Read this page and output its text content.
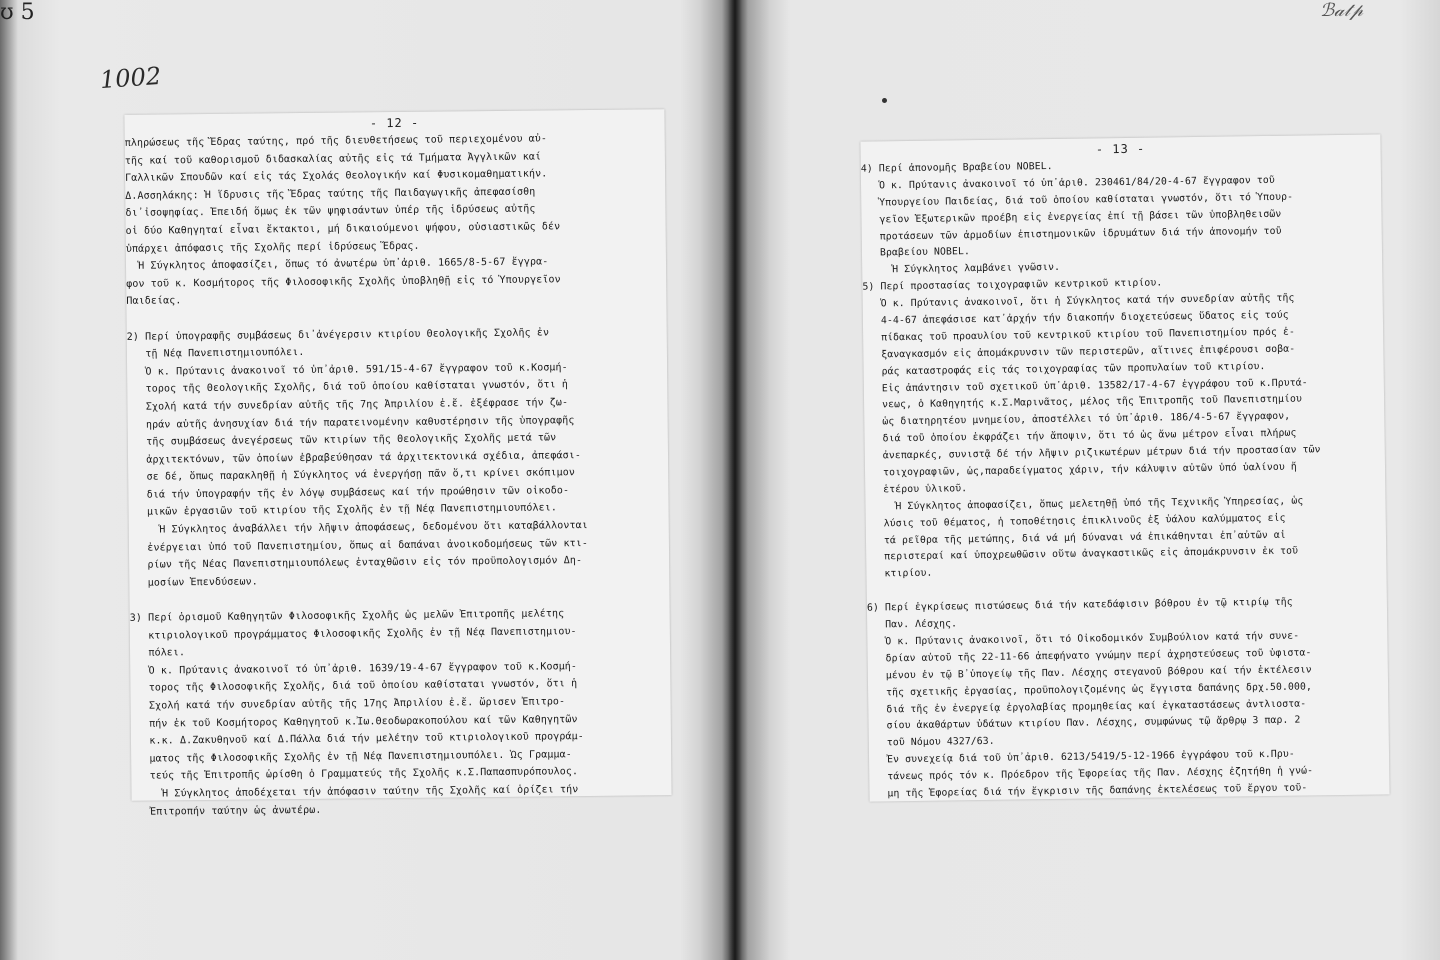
ʊ 5	ℬ𝒶𝓉𝓅
1002
- 12 -
πληρώσεως τῆς Ἕδρας ταύτης, πρό τῆς διευθετήσεως τοῦ περιεχομένου αὐ-
τῆς καί τοῦ καθορισμοῦ διδασκαλίας αὐτῆς εἰς τά Τμήματα Ἀγγλικῶν καί
Γαλλικῶν Σπουδῶν καί εἰς τάς Σχολάς Θεολογικήν καί Φυσικομαθηματικήν.
Δ.Ασσηλάκης: Ἡ ἵδρυσις τῆς Ἕδρας ταύτης τῆς Παιδαγωγικῆς ἀπεφασίσθη
δι᾽ἰσοψηφίας. Ἐπειδή ὅμως ἐκ τῶν ψηφισάντων ὑπέρ τῆς ἱδρύσεως αὐτῆς
οἱ δύο Καθηγηταί εἶναι ἔκτακτοι, μή δικαιούμενοι ψήφου, οὐσιαστικῶς δέν
ὑπάρχει ἀπόφασις τῆς Σχολῆς περί ἱδρύσεως Ἕδρας.
Ἡ Σύγκλητος ἀποφασίζει, ὅπως τό ἀνωτέρω ὑπ᾽ἀριθ. 1665/8-5-67 ἔγγρα-
φον τοῦ κ. Κοσμήτορος τῆς Φιλοσοφικῆς Σχολῆς ὑποβληθῇ εἰς τό Ὑπουργεῖον
Παιδείας.
2) Περί ὑπογραφῆς συμβάσεως δι᾽ἀνέγερσιν κτιρίου Θεολογικῆς Σχολῆς ἐν
τῇ Νέᾳ Πανεπιστημιουπόλει.
Ὁ κ. Πρύτανις ἀνακοινοῖ τό ὑπ᾽ἀριθ. 591/15-4-67 ἔγγραφον τοῦ κ.Κοσμή-
τορος τῆς Θεολογικῆς Σχολῆς, διά τοῦ ὁποίου καθίσταται γνωστόν, ὅτι ἡ
Σχολή κατά τήν συνεδρίαν αὐτῆς τῆς 7ης Ἀπριλίου ἐ.ἔ. ἐξέφρασε τήν ζω-
ηράν αὐτῆς ἀνησυχίαν διά τήν παρατεινομένην καθυστέρησιν τῆς ὑπογραφῆς
τῆς συμβάσεως ἀνεγέρσεως τῶν κτιρίων τῆς Θεολογικῆς Σχολῆς μετά τῶν
ἀρχιτεκτόνων, τῶν ὁποίων ἐβραβεύθησαν τά ἀρχιτεκτονικά σχέδια, ἀπεφάσι-
σε δέ, ὅπως παρακληθῇ ἡ Σύγκλητος νά ἐνεργήσῃ πᾶν ὅ,τι κρίνει σκόπιμον
διά τήν ὑπογραφήν τῆς ἐν λόγῳ συμβάσεως καί τήν προώθησιν τῶν οἰκοδο-
μικῶν ἐργασιῶν τοῦ κτιρίου τῆς Σχολῆς ἐν τῇ Νέᾳ Πανεπιστημιουπόλει.
Ἡ Σύγκλητος ἀναβάλλει τήν λῆψιν ἀποφάσεως, δεδομένου ὅτι καταβάλλονται
ἐνέργειαι ὑπό τοῦ Πανεπιστημίου, ὅπως αἱ δαπάναι ἀνοικοδομήσεως τῶν κτι-
ρίων τῆς Νέας Πανεπιστημιουπόλεως ἐνταχθῶσιν εἰς τόν προϋπολογισμόν Δη-
μοσίων Ἐπενδύσεων.
3) Περί ὁρισμοῦ Καθηγητῶν Φιλοσοφικῆς Σχολῆς ὡς μελῶν Ἐπιτροπῆς μελέτης
κτιριολογικοῦ προγράμματος Φιλοσοφικῆς Σχολῆς ἐν τῇ Νέᾳ Πανεπιστημιου-
πόλει.
Ὁ κ. Πρύτανις ἀνακοινοῖ τό ὑπ᾽ἀριθ. 1639/19-4-67 ἔγγραφον τοῦ κ.Κοσμή-
τορος τῆς Φιλοσοφικῆς Σχολῆς, διά τοῦ ὁποίου καθίσταται γνωστόν, ὅτι ἡ
Σχολή κατά τήν συνεδρίαν αὐτῆς τῆς 17ης Ἀπριλίου ἐ.ἔ. ὥρισεν Ἐπιτρο-
πήν ἐκ τοῦ Κοσμήτορος Καθηγητοῦ κ.Ἰω.Θεοδωρακοπούλου καί τῶν Καθηγητῶν
κ.κ. Δ.Ζακυθηνοῦ καί Δ.Πάλλα διά τήν μελέτην τοῦ κτιριολογικοῦ προγράμ-
ματος τῆς Φιλοσοφικῆς Σχολῆς ἐν τῇ Νέᾳ Πανεπιστημιουπόλει. Ὡς Γραμμα-
τεύς τῆς Ἐπιτροπῆς ὡρίσθη ὁ Γραμματεύς τῆς Σχολῆς κ.Σ.Παπασπυρόπουλος.
Ἡ Σύγκλητος ἀποδέχεται τήν ἀπόφασιν ταύτην τῆς Σχολῆς καί ὁρίζει τήν
Ἐπιτροπήν ταύτην ὡς ἀνωτέρω.
- 13 -
4) Περί ἀπονομῆς Βραβείου NOBEL.
Ὁ κ. Πρύτανις ἀνακοινοῖ τό ὑπ᾽ἀριθ. 230461/84/20-4-67 ἔγγραφον τοῦ
Ὑπουργείου Παιδείας, διά τοῦ ὁποίου καθίσταται γνωστόν, ὅτι τό Ὑπουρ-
γεῖον Ἐξωτερικῶν προέβη εἰς ἐνεργείας ἐπί τῇ βάσει τῶν ὑποβληθεισῶν
προτάσεων τῶν ἁρμοδίων ἐπιστημονικῶν ἱδρυμάτων διά τήν ἀπονομήν τοῦ
Βραβείου NOBEL.
Ἡ Σύγκλητος λαμβάνει γνῶσιν.
5) Περί προστασίας τοιχογραφιῶν κεντρικοῦ κτιρίου.
Ὁ κ. Πρύτανις ἀνακοινοῖ, ὅτι ἡ Σύγκλητος κατά τήν συνεδρίαν αὐτῆς τῆς
4-4-67 ἀπεφάσισε κατ᾽ἀρχήν τήν διακοπήν διοχετεύσεως ὕδατος εἰς τούς
πίδακας τοῦ προαυλίου τοῦ κεντρικοῦ κτιρίου τοῦ Πανεπιστημίου πρός ἐ-
ξαναγκασμόν εἰς ἀπομάκρυνσιν τῶν περιστερῶν, αἵτινες ἐπιφέρουσι σοβα-
ράς καταστροφάς εἰς τάς τοιχογραφίας τῶν προπυλαίων τοῦ κτιρίου.
Εἰς ἀπάντησιν τοῦ σχετικοῦ ὑπ᾽ἀριθ. 13582/17-4-67 ἐγγράφου τοῦ κ.Πρυτά-
νεως, ὁ Καθηγητής κ.Σ.Μαρινᾶτος, μέλος τῆς Ἐπιτροπῆς τοῦ Πανεπιστημίου
ὡς διατηρητέου μνημείου, ἀποστέλλει τό ὑπ᾽ἀριθ. 186/4-5-67 ἔγγραφον,
διά τοῦ ὁποίου ἐκφράζει τήν ἄποψιν, ὅτι τό ὡς ἄνω μέτρον εἶναι πλήρως
ἀνεπαρκές, συνιστᾷ δέ τήν λῆψιν ριζικωτέρων μέτρων διά τήν προστασίαν τῶν
τοιχογραφιῶν, ὡς,παραδείγματος χάριν, τήν κάλυψιν αὐτῶν ὑπό ὑαλίνου ἤ
ἑτέρου ὑλικοῦ.
Ἡ Σύγκλητος ἀποφασίζει, ὅπως μελετηθῇ ὑπό τῆς Τεχνικῆς Ὑπηρεσίας, ὡς
λύσις τοῦ θέματος, ἡ τοποθέτησις ἐπικλινοῦς ἐξ ὑάλου καλύμματος εἰς
τά ρεῖθρα τῆς μετώπης, διά νά μή δύναναι νά ἐπικάθηνται ἐπ᾽αὐτῶν αἱ
περιστεραί καί ὑποχρεωθῶσιν οὕτω ἀναγκαστικῶς εἰς ἀπομάκρυνσιν ἐκ τοῦ
κτιρίου.
6) Περί ἐγκρίσεως πιστώσεως διά τήν κατεδάφισιν βόθρου ἐν τῷ κτιρίῳ τῆς
Παν. Λέσχης.
Ὁ κ. Πρύτανις ἀνακοινοῖ, ὅτι τό Οἰκοδομικόν Συμβούλιον κατά τήν συνε-
δρίαν αὐτοῦ τῆς 22-11-66 ἀπεφήνατο γνώμην περί ἀχρηστεύσεως τοῦ ὑφιστα-
μένου ἐν τῷ Β᾽ὑπογείῳ τῆς Παν. Λέσχης στεγανοῦ βόθρου καί τήν ἐκτέλεσιν
τῆς σχετικῆς ἐργασίας, προϋπολογιζομένης ὡς ἔγγιστα δαπάνης δρχ.50.000,
διά τῆς ἐν ἐνεργείᾳ ἐργολαβίας προμηθείας καί ἐγκαταστάσεως ἀντλιοστα-
σίου ἀκαθάρτων ὑδάτων κτιρίου Παν. Λέσχης, συμφώνως τῷ ἄρθρῳ 3 παρ. 2
τοῦ Νόμου 4327/63.
Ἐν συνεχείᾳ διά τοῦ ὑπ᾽ἀριθ. 6213/5419/5-12-1966 ἐγγράφου τοῦ κ.Πρυ-
τάνεως πρός τόν κ. Πρόεδρον τῆς Ἐφορείας τῆς Παν. Λέσχης ἐζητήθη ἡ γνώ-
μη τῆς Ἐφορείας διά τήν ἔγκρισιν τῆς δαπάνης ἐκτελέσεως τοῦ ἔργου τοῦ-
